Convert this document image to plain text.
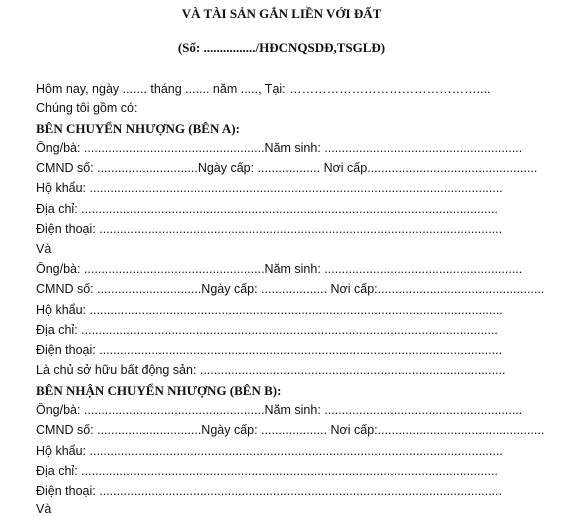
VÀ TÀI SẢN GẮN LIỀN VỚI ĐẤT
(Số: ................/HĐCNQSDĐ,TSGLĐ)
Hôm nay, ngày ....... tháng ....... năm ....., Tại: ………………………………………....
Chúng tôi gồm có:
BÊN CHUYỂN NHƯỢNG (BÊN A):
Ông/bà: ....................................................Năm sinh: .........................................................
CMND số: .............................Ngày cấp: .................. Nơi cấp.................................................
Hộ khẩu: .......................................................................................................................
Địa chỉ: ........................................................................................................................
Điện thoại: ....................................................................................................................
Và
Ông/bà: ....................................................Năm sinh: .........................................................
CMND số: ..............................Ngày cấp: ................... Nơi cấp:................................................
Hộ khẩu: .......................................................................................................................
Địa chỉ: ........................................................................................................................
Điện thoại: ....................................................................................................................
Là chủ sở hữu bất động sản: ........................................................................................
BÊN NHẬN CHUYỂN NHƯỢNG (BÊN B):
Ông/bà: ....................................................Năm sinh: .........................................................
CMND số: ..............................Ngày cấp: ................... Nơi cấp:................................................
Hộ khẩu: .......................................................................................................................
Địa chỉ: ........................................................................................................................
Điện thoại: ....................................................................................................................
Và
